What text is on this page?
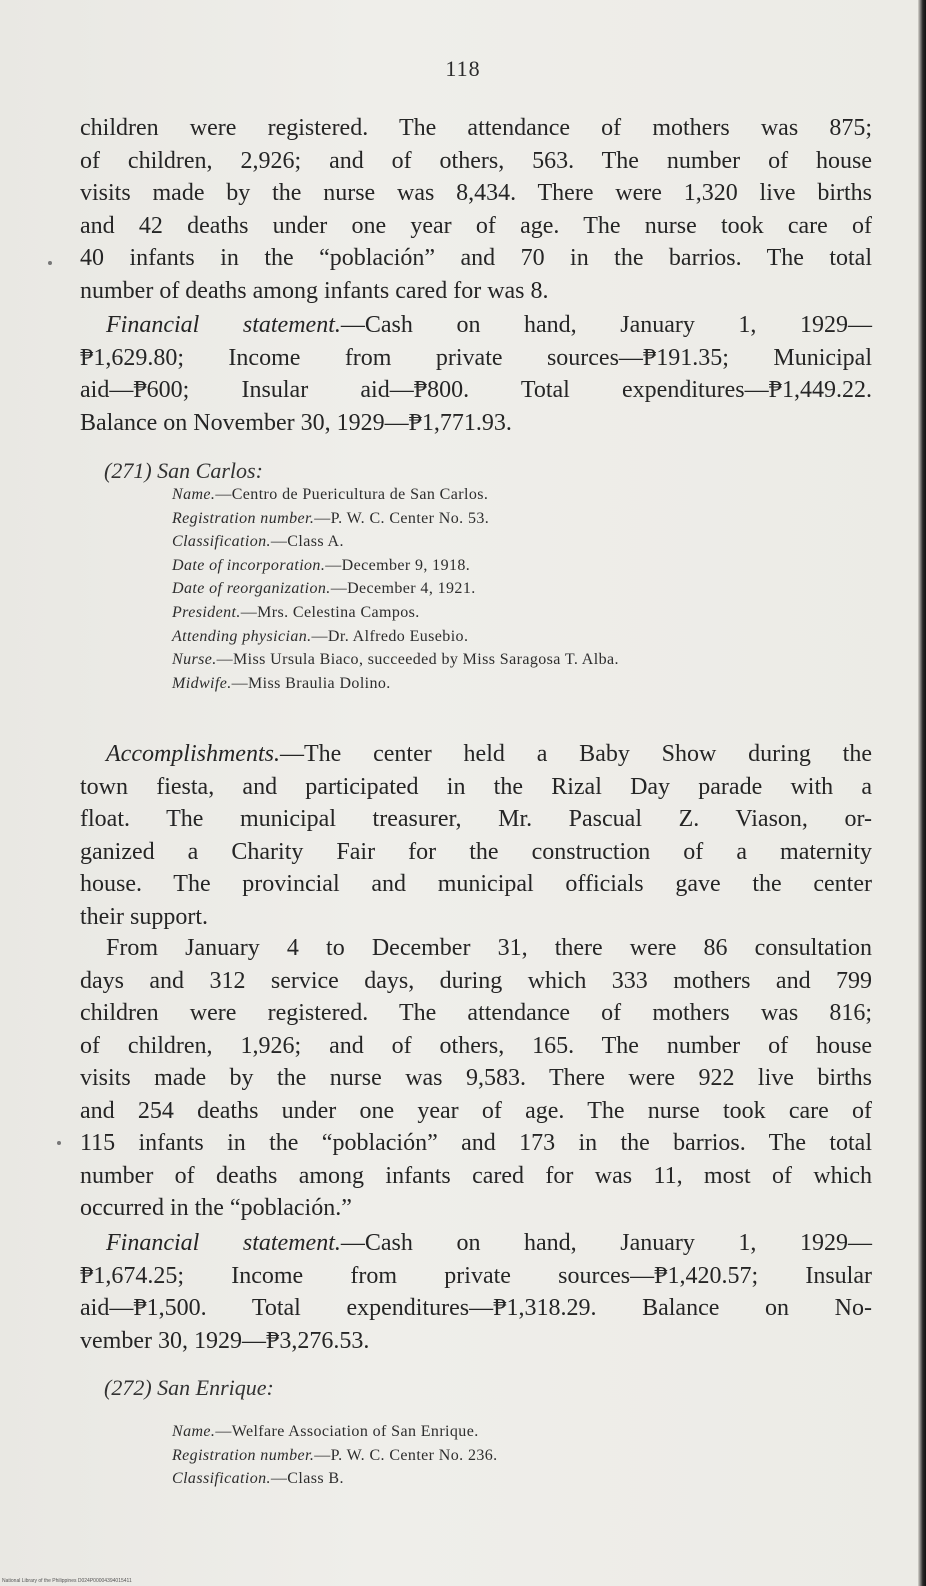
118
children were registered. The attendance of mothers was 875;
of children, 2,926; and of others, 563. The number of house
visits made by the nurse was 8,434. There were 1,320 live births
and 42 deaths under one year of age. The nurse took care of
40 infants in the “población” and 70 in the barrios. The total
number of deaths among infants cared for was 8.
Financial statement.—Cash on hand, January 1, 1929—
₱1,629.80; Income from private sources—₱191.35; Municipal
aid—₱600; Insular aid—₱800. Total expenditures—₱1,449.22.
Balance on November 30, 1929—₱1,771.93.
(271) San Carlos:
Name.—Centro de Puericultura de San Carlos.
Registration number.—P. W. C. Center No. 53.
Classification.—Class A.
Date of incorporation.—December 9, 1918.
Date of reorganization.—December 4, 1921.
President.—Mrs. Celestina Campos.
Attending physician.—Dr. Alfredo Eusebio.
Nurse.—Miss Ursula Biaco, succeeded by Miss Saragosa T. Alba.
Midwife.—Miss Braulia Dolino.
Accomplishments.—The center held a Baby Show during the
town fiesta, and participated in the Rizal Day parade with a
float. The municipal treasurer, Mr. Pascual Z. Viason, or-
ganized a Charity Fair for the construction of a maternity
house. The provincial and municipal officials gave the center
their support.
From January 4 to December 31, there were 86 consultation
days and 312 service days, during which 333 mothers and 799
children were registered. The attendance of mothers was 816;
of children, 1,926; and of others, 165. The number of house
visits made by the nurse was 9,583. There were 922 live births
and 254 deaths under one year of age. The nurse took care of
115 infants in the “población” and 173 in the barrios. The total
number of deaths among infants cared for was 11, most of which
occurred in the “población.”
Financial statement.—Cash on hand, January 1, 1929—
₱1,674.25; Income from private sources—₱1,420.57; Insular
aid—₱1,500. Total expenditures—₱1,318.29. Balance on No-
vember 30, 1929—₱3,276.53.
(272) San Enrique:
Name.—Welfare Association of San Enrique.
Registration number.—P. W. C. Center No. 236.
Classification.—Class B.
National Library of the Philippines D024P00004394015411
